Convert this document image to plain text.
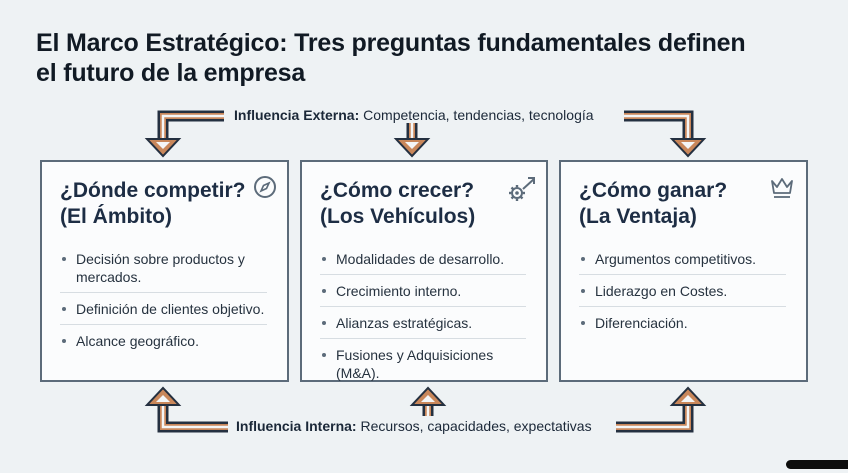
El Marco Estratégico: Tres preguntas fundamentales definen
el futuro de la empresa
Influencia Externa: Competencia, tendencias, tecnología
Influencia Interna: Recursos, capacidades, expectativas
¿Dónde competir?
(El Ámbito)
Decisión sobre productos y mercados.
Definición de clientes objetivo.
Alcance geográfico.
¿Cómo crecer?
(Los Vehículos)
Modalidades de desarrollo.
Crecimiento interno.
Alianzas estratégicas.
Fusiones y Adquisiciones (M&A).
¿Cómo ganar?
(La Ventaja)
Argumentos competitivos.
Liderazgo en Costes.
Diferenciación.
